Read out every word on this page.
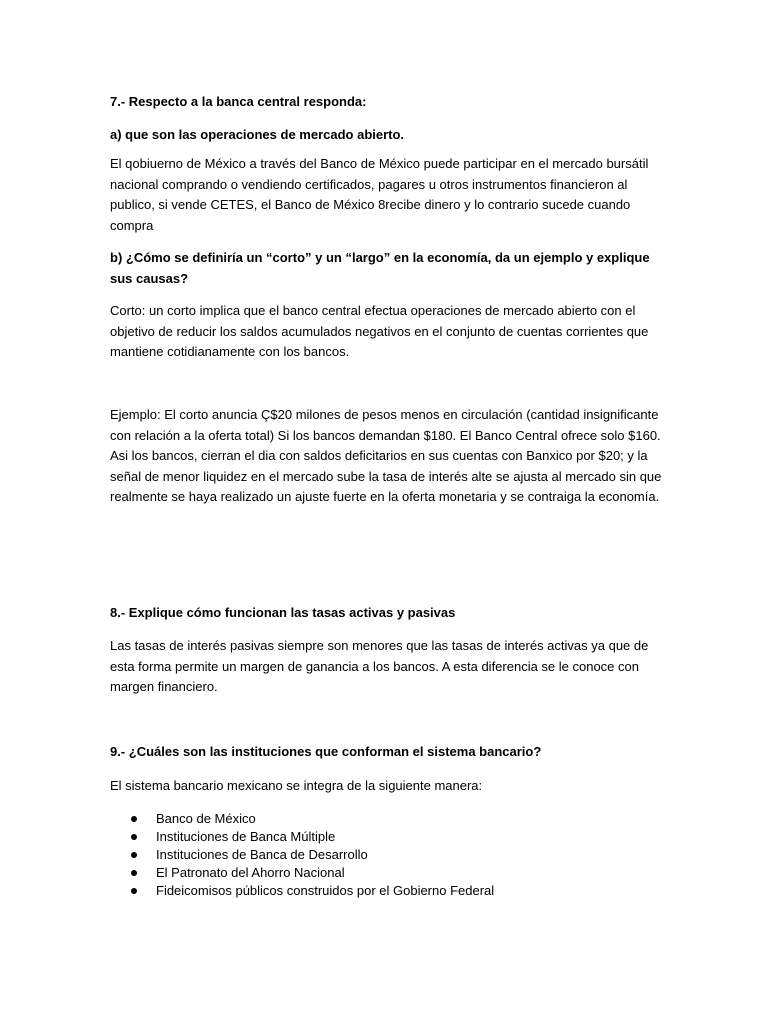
7.- Respecto a la banca central responda:

a) que son las operaciones de mercado abierto.

El qobiuerno de México a través del Banco de México puede participar en el mercado bursátil nacional comprando o vendiendo certificados, pagares u otros instrumentos financieron al publico, si vende CETES, el Banco de México 8recibe dinero y lo contrario sucede cuando compra

b) ¿Cómo se definiría un “corto” y un “largo” en la economía, da un ejemplo y explique sus causas?

Corto: un corto implica que el banco central efectua operaciones de mercado abierto con el objetivo de reducir los saldos acumulados negativos en el conjunto de cuentas corrientes que mantiene cotidianamente con los bancos.

Ejemplo: El corto anuncia Ç$20 milones de pesos menos en circulación (cantidad insignificante con relación a la oferta total) Si los bancos demandan $180. El Banco Central ofrece solo $160. Asi los bancos, cierran el dia con saldos deficitarios en sus cuentas con Banxico por $20; y la señal de menor liquidez en el mercado sube la tasa de interés alte se ajusta al mercado sin que realmente se haya realizado un ajuste fuerte en la oferta monetaria y se contraiga la economía.

8.- Explique cómo funcionan las tasas activas y pasivas

Las tasas de interés pasivas siempre son menores que las tasas de interés activas ya que de esta forma permite un margen de ganancia a los bancos. A esta diferencia se le conoce con margen financiero.

9.- ¿Cuáles son las instituciones que conforman el sistema bancario?

El sistema bancario mexicano se integra de la siguiente manera:

Banco de México
Instituciones de Banca Múltiple
Instituciones de Banca de Desarrollo
El Patronato del Ahorro Nacional
Fideicomisos públicos construidos por el Gobierno Federal
